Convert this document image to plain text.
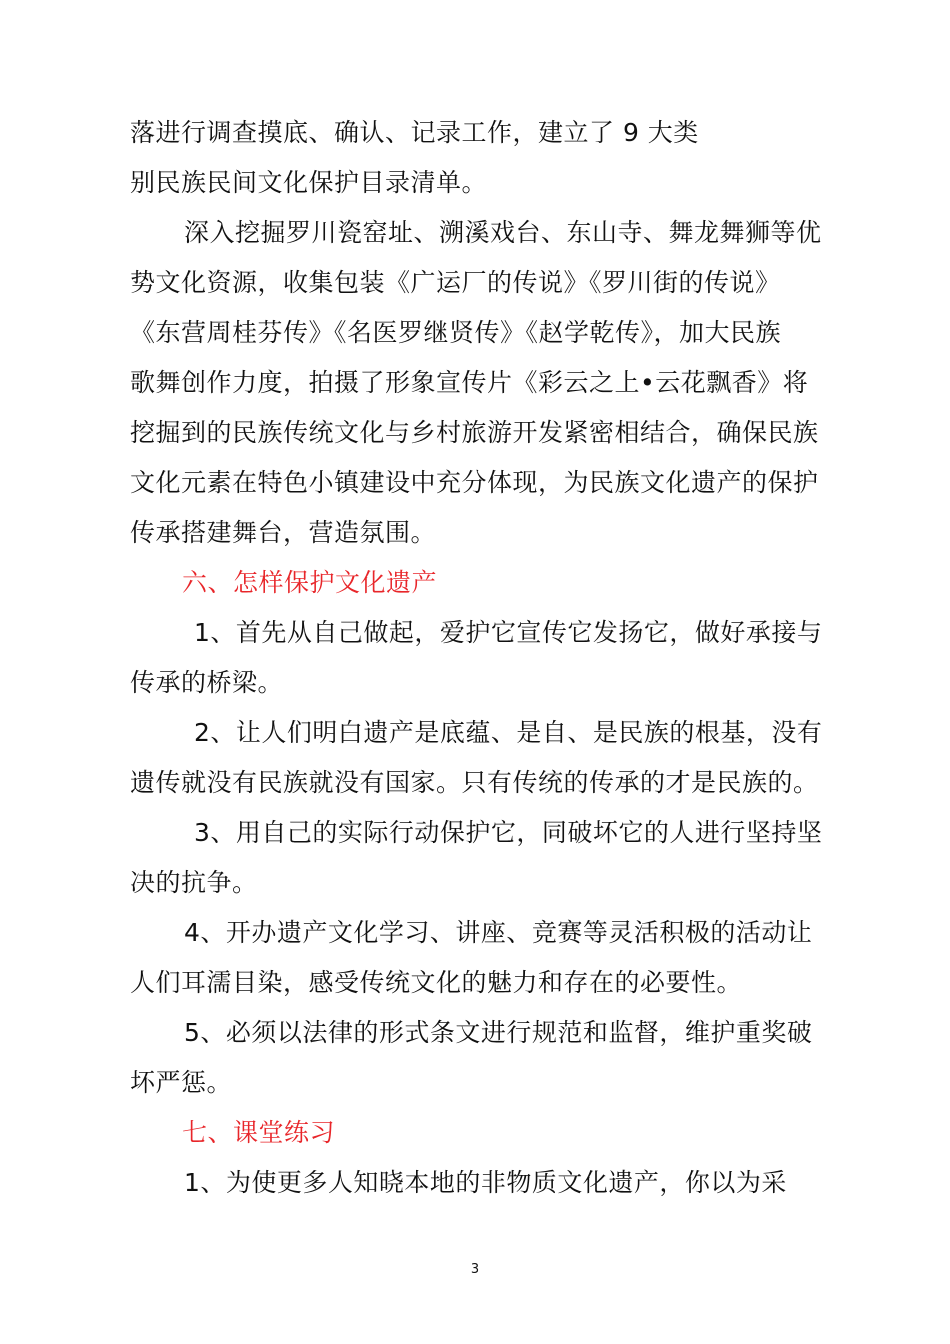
落进行调查摸底、确认、记录工作，建立了 9 大类
别民族民间文化保护目录清单。
深入挖掘罗川瓷窑址、溯溪戏台、东山寺、舞龙舞狮等优
势文化资源，收集包装《广运厂的传说》《罗川街的传说》
《东营周桂芬传》《名医罗继贤传》《赵学乾传》，加大民族
歌舞创作力度，拍摄了形象宣传片《彩云之上•云花飘香》将
挖掘到的民族传统文化与乡村旅游开发紧密相结合，确保民族
文化元素在特色小镇建设中充分体现，为民族文化遗产的保护
传承搭建舞台，营造氛围。
六、怎样保护文化遗产
1、首先从自己做起，爱护它宣传它发扬它，做好承接与
传承的桥梁。
2、让人们明白遗产是底蕴、是自、是民族的根基，没有
遗传就没有民族就没有国家。只有传统的传承的才是民族的。
3、用自己的实际行动保护它，同破坏它的人进行坚持坚
决的抗争。
4、开办遗产文化学习、讲座、竞赛等灵活积极的活动让
人们耳濡目染，感受传统文化的魅力和存在的必要性。
5、必须以法律的形式条文进行规范和监督，维护重奖破
坏严惩。
七、课堂练习
1、为使更多人知晓本地的非物质文化遗产，你以为采
3
